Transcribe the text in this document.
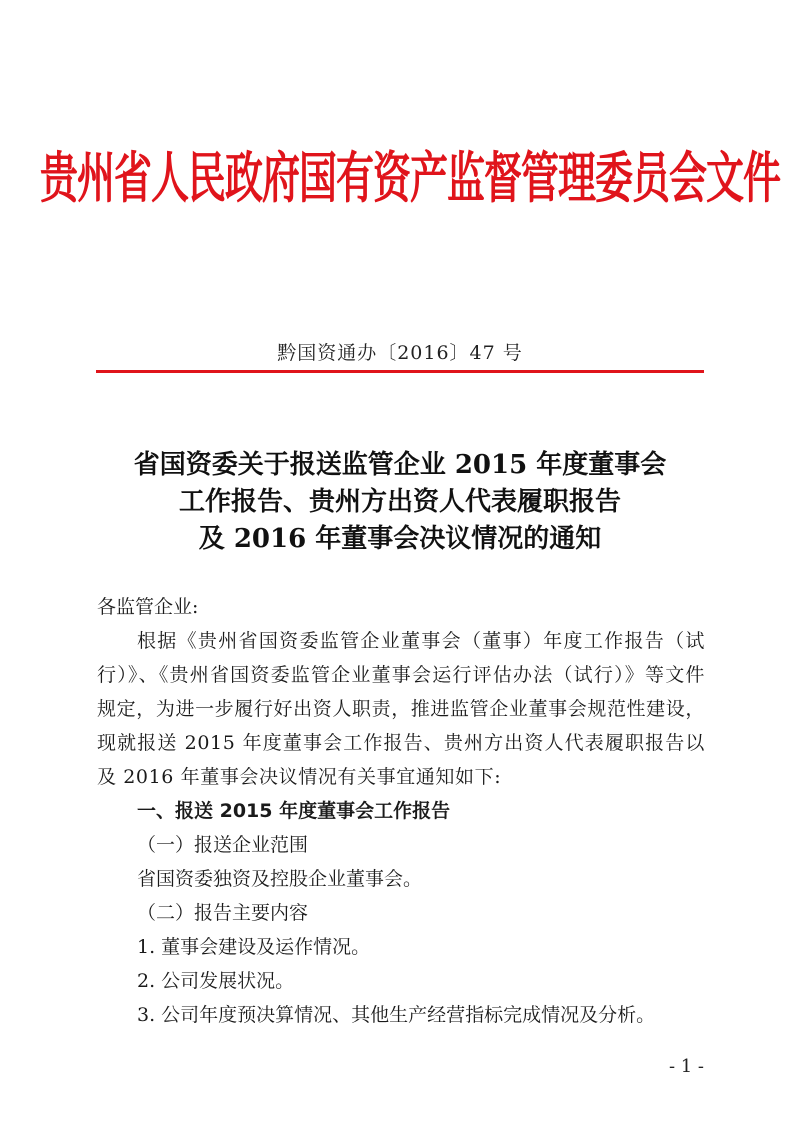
贵州省人民政府国有资产监督管理委员会文件
黔国资通办〔2016〕47 号
省国资委关于报送监管企业 2015 年度董事会
工作报告、贵州方出资人代表履职报告
及 2016 年董事会决议情况的通知

各监管企业:

根据《贵州省国资委监管企业董事会（董事）年度工作报告（试行）》、《贵州省国资委监管企业董事会运行评估办法（试行）》等文件规定，为进一步履行好出资人职责，推进监管企业董事会规范性建设，现就报送 2015 年度董事会工作报告、贵州方出资人代表履职报告以及 2016 年董事会决议情况有关事宜通知如下:

一、报送 2015 年度董事会工作报告

（一）报送企业范围

省国资委独资及控股企业董事会。

（二）报告主要内容

1. 董事会建设及运作情况。

2. 公司发展状况。

3. 公司年度预决算情况、其他生产经营指标完成情况及分析。

- 1 -
